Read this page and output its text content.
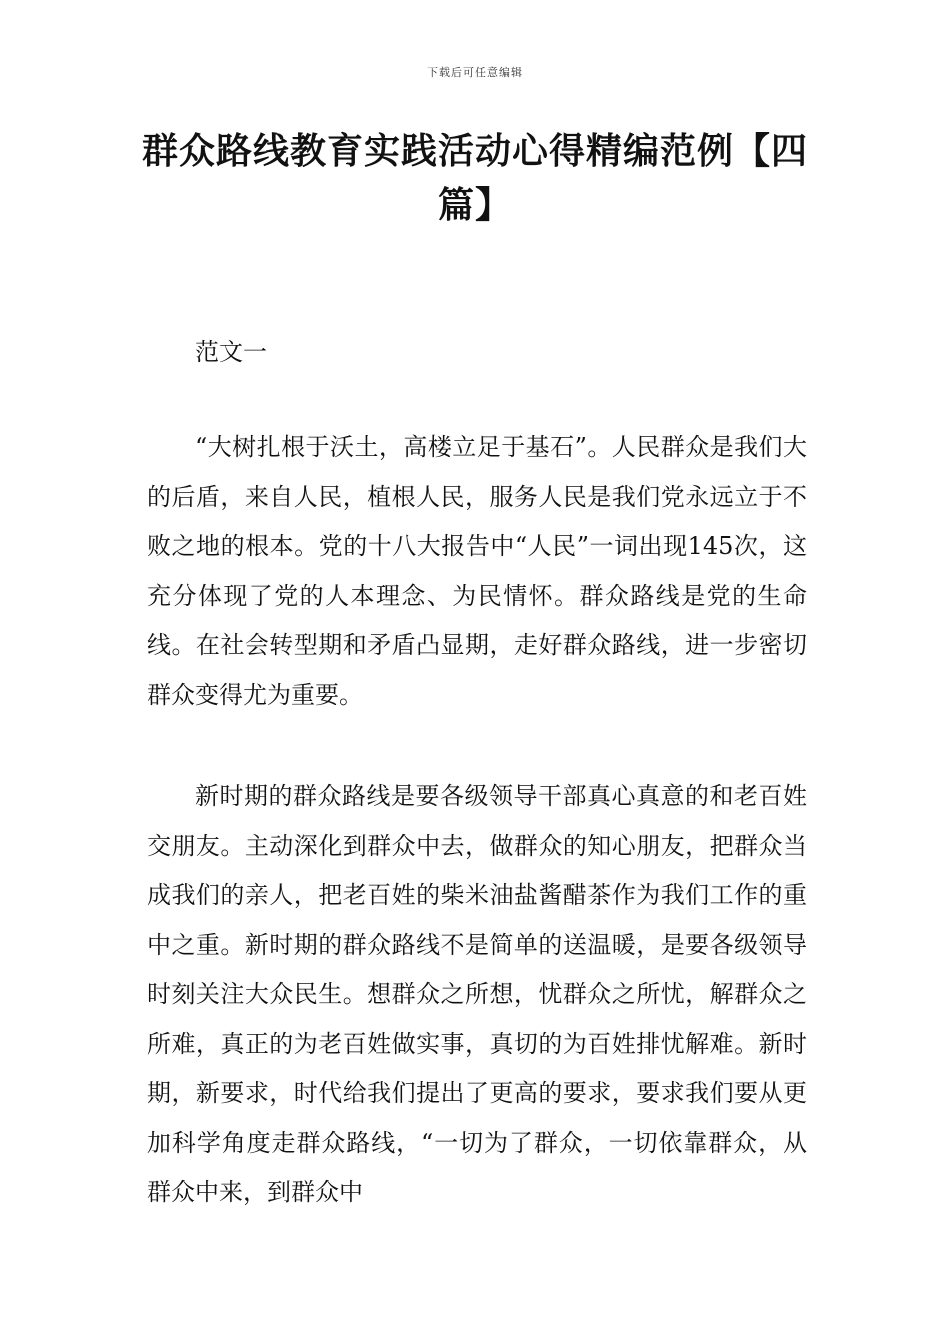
下载后可任意编辑
群众路线教育实践活动心得精编范例【四篇】

范文一

“大树扎根于沃土，高楼立足于基石”。人民群众是我们大的后盾，来自人民，植根人民，服务人民是我们党永远立于不败之地的根本。党的十八大报告中“人民”一词出现145次，这充分体现了党的人本理念、为民情怀。群众路线是党的生命线。在社会转型期和矛盾凸显期，走好群众路线，进一步密切群众变得尤为重要。

新时期的群众路线是要各级领导干部真心真意的和老百姓交朋友。主动深化到群众中去，做群众的知心朋友，把群众当成我们的亲人，把老百姓的柴米油盐酱醋茶作为我们工作的重中之重。新时期的群众路线不是简单的送温暖，是要各级领导时刻关注大众民生。想群众之所想，忧群众之所忧，解群众之所难，真正的为老百姓做实事，真切的为百姓排忧解难。新时期，新要求，时代给我们提出了更高的要求，要求我们要从更加科学角度走群众路线，“一切为了群众，一切依靠群众，从群众中来，到群众中
